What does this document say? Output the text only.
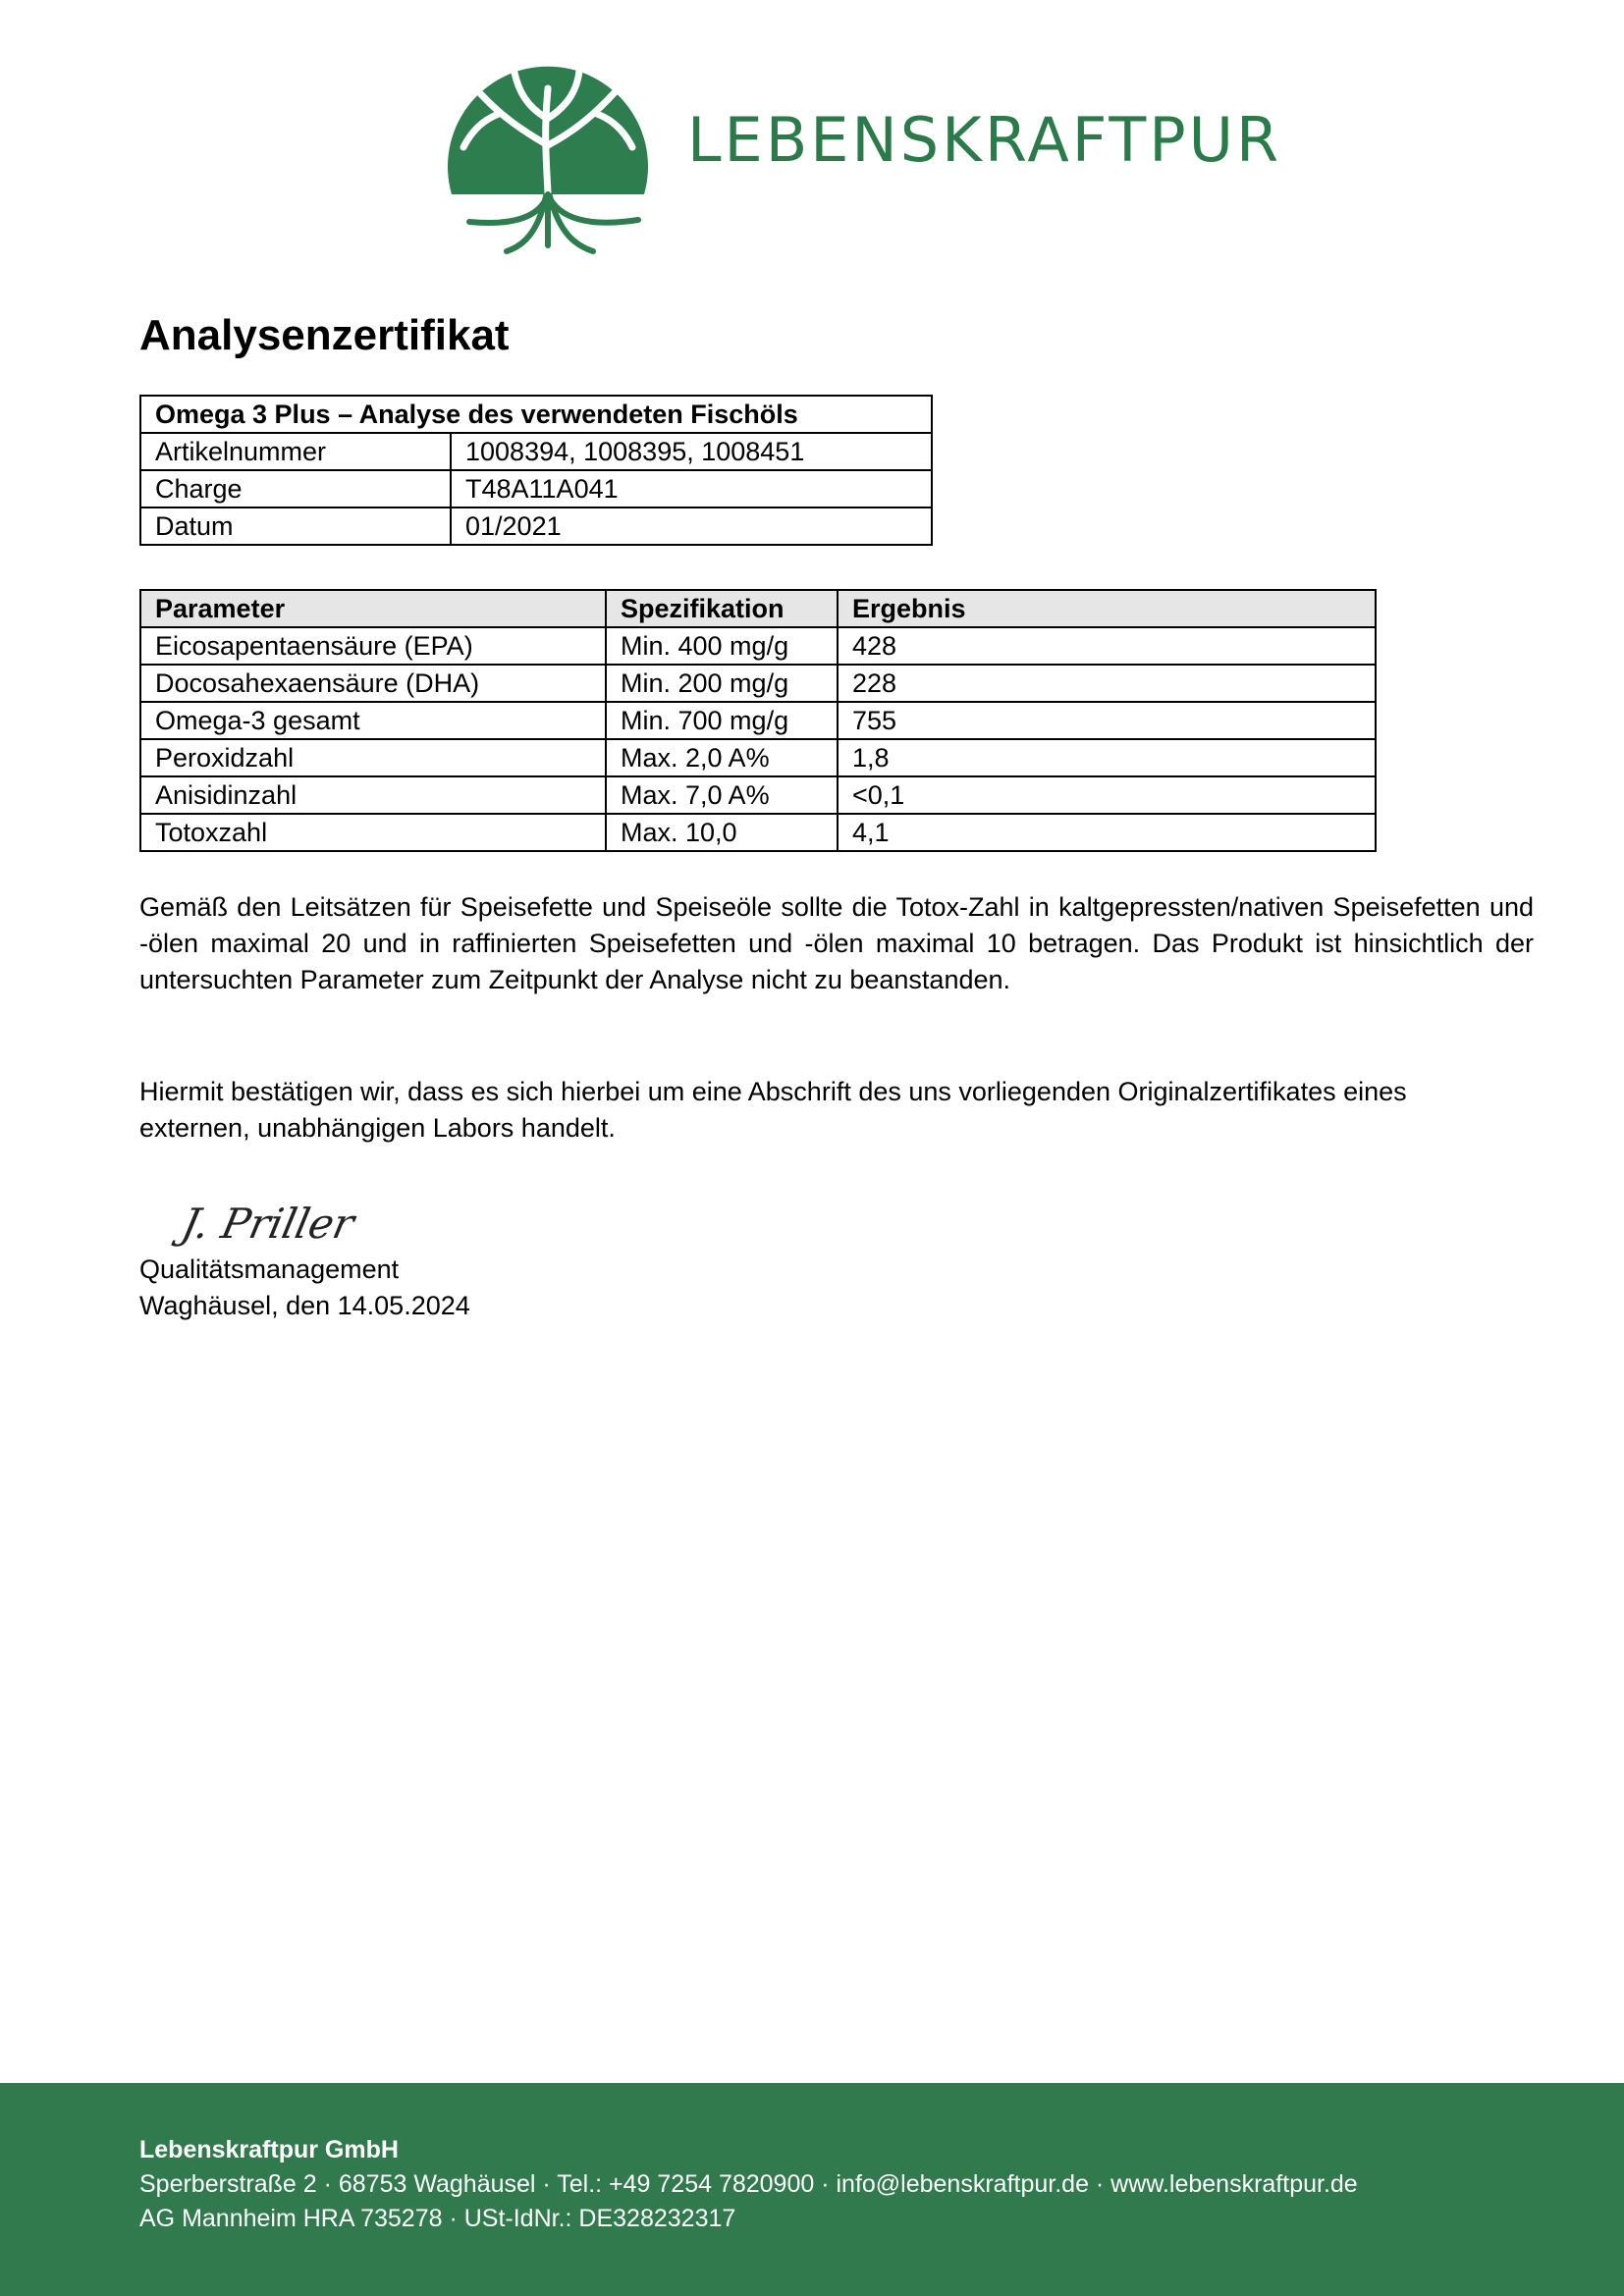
LEBENSKRAFTPUR
Analysenzertifikat
Omega 3 Plus – Analyse des verwendeten Fischöls	
Artikelnummer	1008394, 1008395, 1008451
Charge	T48A11A041
Datum	01/2021
Parameter	Spezifikation	Ergebnis
Eicosapentaensäure (EPA)	Min. 400 mg/g	428
Docosahexaensäure (DHA)	Min. 200 mg/g	228
Omega-3 gesamt	Min. 700 mg/g	755
Peroxidzahl	Max. 2,0 A%	1,8
Anisidinzahl	Max. 7,0 A%	<0,1
Totoxzahl	Max. 10,0	4,1

Gemäß den Leitsätzen für Speisefette und Speiseöle sollte die Totox-Zahl in kaltgepressten/nativen Speisefetten und -ölen maximal 20 und in raffinierten Speisefetten und -ölen maximal 10 betragen. Das Produkt ist hinsichtlich der untersuchten Parameter zum Zeitpunkt der Analyse nicht zu beanstanden.

Hiermit bestätigen wir, dass es sich hierbei um eine Abschrift des uns vorliegenden Originalzertifikates eines externen, unabhängigen Labors handelt.

J. Priller
Qualitätsmanagement
Waghäusel, den 14.05.2024
Lebenskraftpur GmbH
Sperberstraße 2 · 68753 Waghäusel · Tel.: +49 7254 7820900 · info@lebenskraftpur.de · www.lebenskraftpur.de
AG Mannheim HRA 735278 · USt-IdNr.: DE328232317
